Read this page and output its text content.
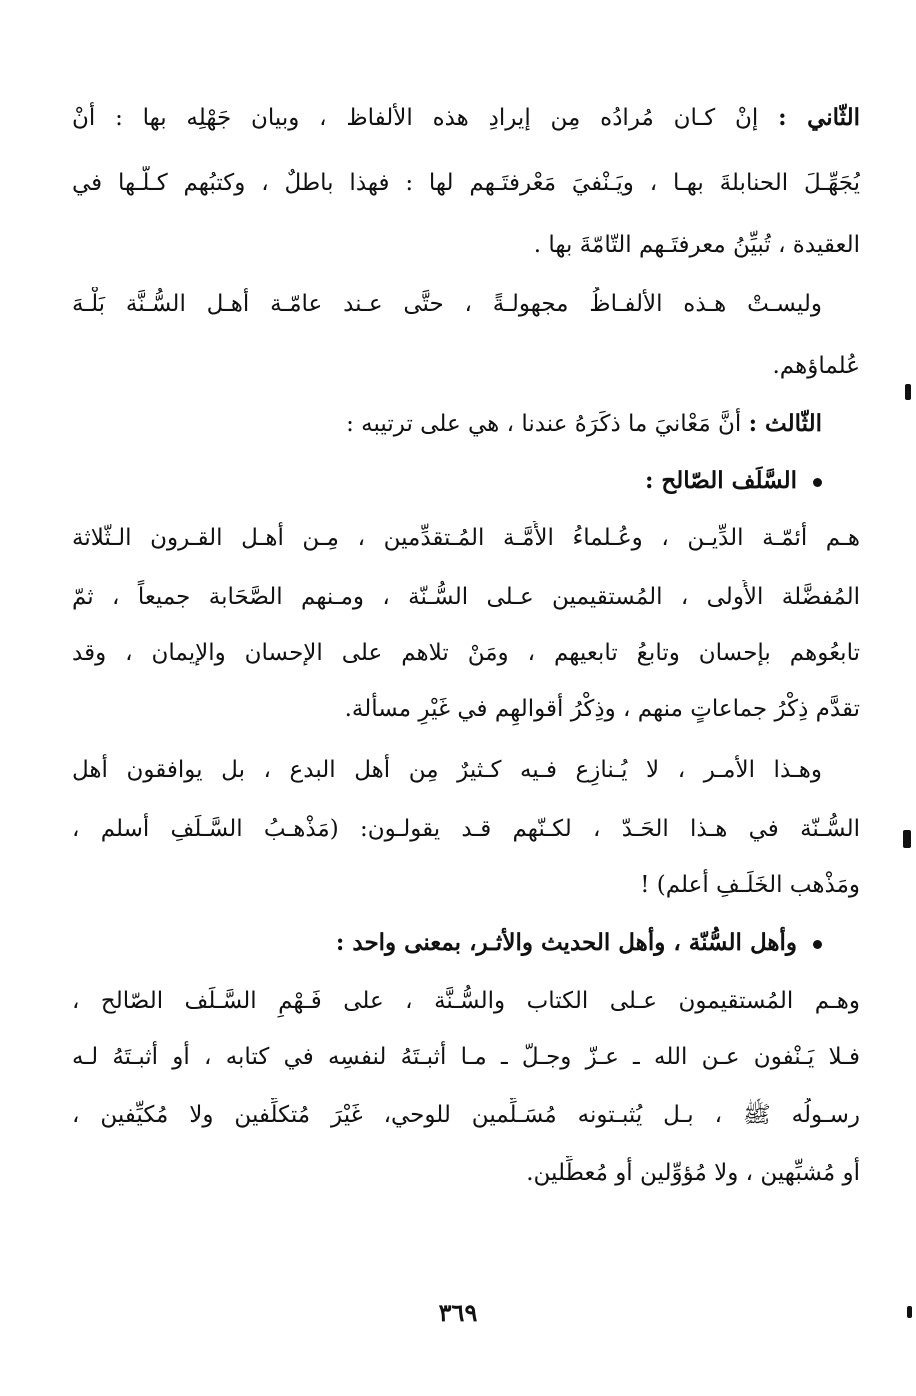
الثّاني : إنْ كـان مُرادُه مِن إيرادِ هذه الألفاظ ، وبيان جَهْلِه بها : أنْ
يُجَهِّـلَ الحنابلةَ بهـا ، ويَـنْفيَ مَعْرفتَـهم لها : فهذا باطلٌ ، وكتبُهم كـلُّـها في
العقيدة ، تُبيِّنُ معرفتَـهم التّامّةَ بها .
وليسـتْ هـذه الألفـاظُ مجهولـةً ، حتَّى عـند عامّـة أهـل السُّـنَّة بَلْـهَ
عُلماؤهم.
الثّالث : أنَّ مَعْانيَ ما ذكَرَهُ عندنا ، هي على ترتيبه :
السَّلَف الصّالح :
هـم أئمّـة الدِّيـن ، وعُـلماءُ الأُمَّـة المُـتقدِّمين ، مِـن أهـل القـرون الـثّلاثة
المُفضَّلة الأُولى ، المُستقيمين عـلى السُّـنّة ، ومـنهم الصَّحَابة جميعاً ، ثمّ
تابعُوهم بإحسان وتابعُ تابعيهم ، ومَنْ تلاهم على الإحسان والإيمان ، وقد
تقدَّم ذِكْرُ جماعاتٍ منهم ، وذِكْرُ أقوالهِم في غَيْرِ مسألة.
وهـذا الأمـر ، لا يُـنازِع فـيه كـثيرٌ مِن أهل البدع ، بل يوافقون أهل
السُّـنّة في هـذا الحَـدّ ، لكـنّهم قـد يقولـون: (مَذْهـبُ السَّـلَفِ أسلم ،
ومَذْهب الخَلَـفِ أعلم) !
وأهل السُّنّة ، وأهل الحديث والأثـر، بمعنى واحد :
وهـم المُستقيمون عـلى الكتاب والسُّـنَّة ، على فَـهْمِ السَّـلَف الصّالح ،
فـلا يَـنْفون عـن الله ـ عـزّ وجـلّ ـ مـا أثبـتَهُ لنفسِه في كتابه ، أو أثبـتَهُ لـه
رسـولُه ﷺ ، بـل يُثبـتونه مُسَـلِّمين للوحي، غَيْرَ مُتكلِّفين ولا مُكيِّفين ،
أو مُشبِّهين ، ولا مُؤوِّلين أو مُعطِّلين.
٣٦٩
